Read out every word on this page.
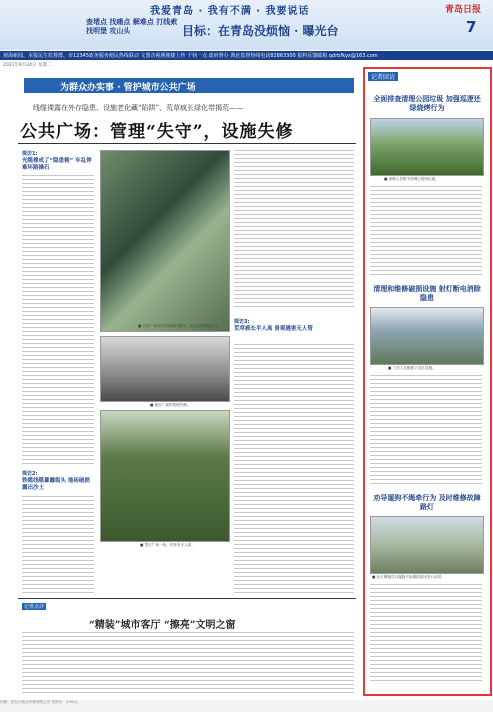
我爱青岛 · 我有不满 · 我要说话	青岛日报
7
查堵点 找痛点 解难点 打线索 找明堡 攻山头	目标：在青岛没烦恼 · 曝光台
观海新闻、本报民生监督群、市12345政务服务便民热线联动 文图音视频便捷上传 千钧一点 政府督办 典论监督热线电话82863300 报料反馈邮箱 qdrbfkyx@163.com
2021年8月24日 星期二
为群众办实事 · 管护城市公共广场
线缆裸露在外存隐患、设施老化藏“陷阱”、荒草疯长绿化带揭荒——
公共广场：管理“失守”，设施失修
探访1:
光缆裸成了“隐患箱” 车乱停难坏路操石
探访2:
铁缆线缆暴露街头 地砖破损露出沙土
■ 百姓广场有的变电箱门敞开，里边线缆裸露在外。
■ 唐岛广场的管理失修。
■ 景区广场一角，荒草有半人高。
探访3:
荒草疯长半人高 景观遇害无人管
记者点评
“精装”城市客厅 “擦亮”文明之窗
记者回访
全面排查清理公园垃圾 加强巡逻还绿烧烤行为
■ 清理人员集中清理公园内垃圾。
清理和维修破损设施 射灯断电消除隐患
■ 工作人员维修公共区设施。
劝导遛狗不绳牵行为 及时维修故障路灯
■ 社区网格员对遛狗不拴绳的居民进行劝导。
印刷：青岛日报社印刷有限公司 零售价：1.50元
